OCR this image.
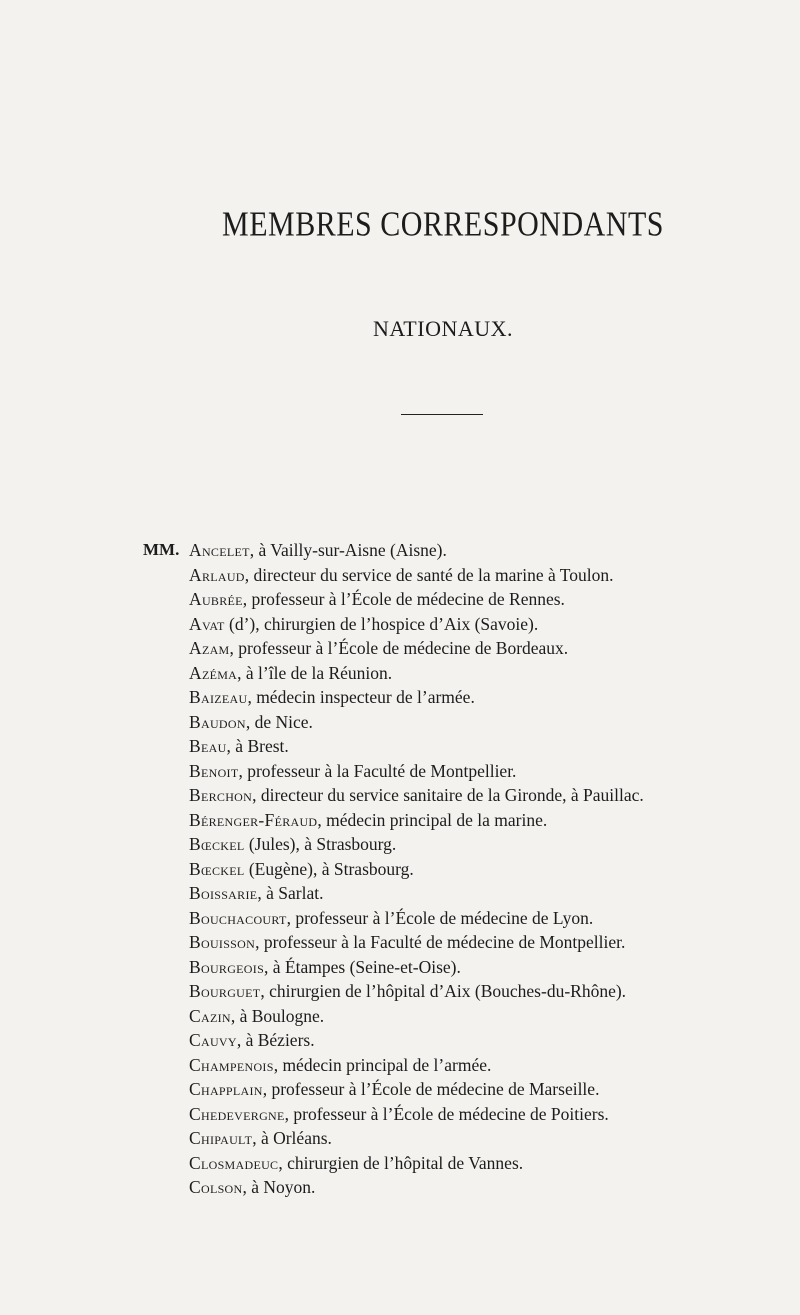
MEMBRES CORRESPONDANTS
NATIONAUX.
MM. Ancelet, à Vailly-sur-Aisne (Aisne).
Arlaud, directeur du service de santé de la marine à Toulon.
Aubrée, professeur à l’École de médecine de Rennes.
Avat (d’), chirurgien de l’hospice d’Aix (Savoie).
Azam, professeur à l’École de médecine de Bordeaux.
Azéma, à l’île de la Réunion.
Baizeau, médecin inspecteur de l’armée.
Baudon, de Nice.
Beau, à Brest.
Benoit, professeur à la Faculté de Montpellier.
Berchon, directeur du service sanitaire de la Gironde, à Pauillac.
Bérenger-Féraud, médecin principal de la marine.
Bœckel (Jules), à Strasbourg.
Bœckel (Eugène), à Strasbourg.
Boissarie, à Sarlat.
Bouchacourt, professeur à l’École de médecine de Lyon.
Bouisson, professeur à la Faculté de médecine de Montpellier.
Bourgeois, à Étampes (Seine-et-Oise).
Bourguet, chirurgien de l’hôpital d’Aix (Bouches-du-Rhône).
Cazin, à Boulogne.
Cauvy, à Béziers.
Champenois, médecin principal de l’armée.
Chapplain, professeur à l’École de médecine de Marseille.
Chedevergne, professeur à l’École de médecine de Poitiers.
Chipault, à Orléans.
Closmadeuc, chirurgien de l’hôpital de Vannes.
Colson, à Noyon.
